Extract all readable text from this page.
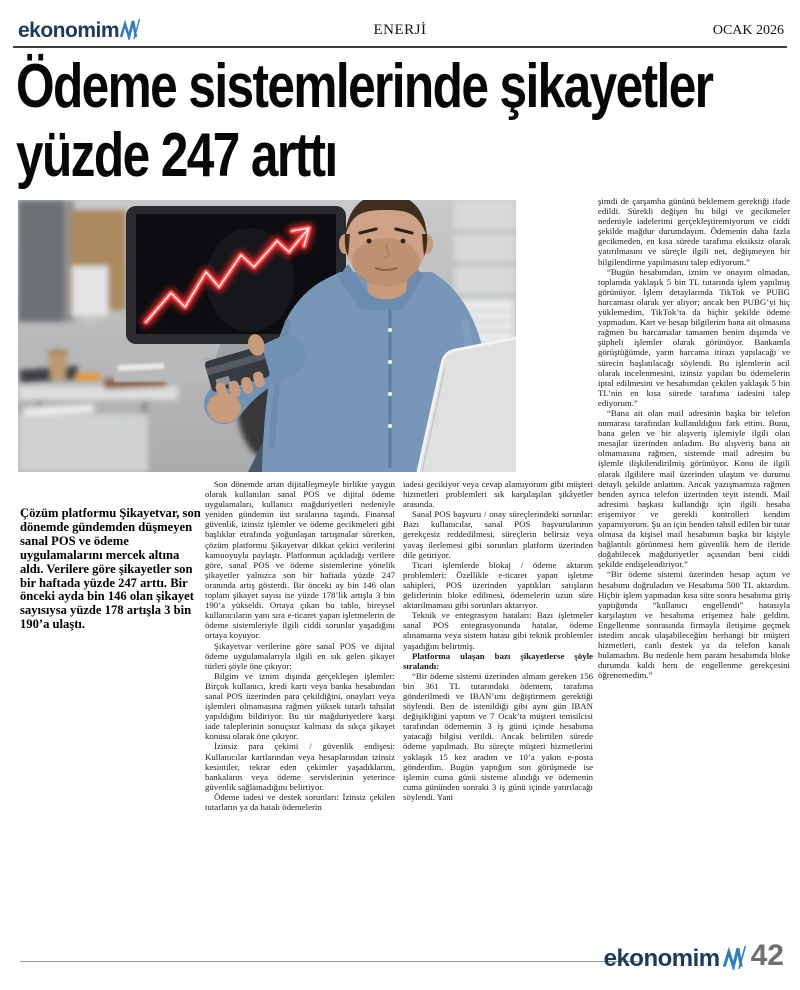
ekonomim	ENERJİ	OCAK 2026
Ödeme sistemlerinde şikayetler
yüzde 247 arttı
Çözüm platformu Şikayetvar, son dönemde gündemden düşmeyen sanal POS ve ödeme uygulamalarını mercek altına aldı. Verilere göre şikayetler son bir haftada yüzde 247 arttı. Bir önceki ayda bin 146 olan şikayet sayısıysa yüzde 178 artışla 3 bin 190’a ulaştı.

Son dönemde artan dijitalleşmeyle birlikte yaygın olarak kullanılan sanal POS ve dijital ödeme uygulamaları, kullanıcı mağduriyetleri nedeniyle yeniden gündemin üst sıralarına taşındı. Finansal güvenlik, izinsiz işlemler ve ödeme gecikmeleri gibi başlıklar etrafında yoğunlaşan tartışmalar sürerken, çözüm platformu Şikayetvar dikkat çekici verilerini kamuoyuyla paylaştı. Platformun açıkladığı verilere göre, sanal POS ve ödeme sistemlerine yönelik şikayetler yalnızca son bir haftada yüzde 247 oranında artış gösterdi. Bir önceki ay bin 146 olan toplam şikayet sayısı ise yüzde 178’lik artışla 3 bin 190’a yükseldi. Ortaya çıkan bu tablo, bireysel kullanıcıların yanı sıra e-ticaret yapan işletmelerin de ödeme sistemleriyle ilgili ciddi sorunlar yaşadığını ortaya koyuyor.

Şikayetvar verilerine göre sanal POS ve dijital ödeme uygulamalarıyla ilgili en sık gelen şikayet türleri şöyle öne çıkıyor:

Bilgim ve iznim dışında gerçekleşen işlemler: Birçok kullanıcı, kredi kartı veya banka hesabından sanal POS üzerinden para çekildiğini, onayları veya işlemleri olmamasına rağmen yüksek tutarlı tahsilat yapıldığını bildiriyor. Bu tür mağduriyetlere karşı iade taleplerinin sonuçsuz kalması da sıkça şikayet konusu olarak öne çıkıyor.

İzinsiz para çekimi / güvenlik endişesi: Kullanıcılar kartlarından veya hesaplarından izinsiz kesintiler, tekrar eden çekimler yaşadıklarını, bankaların veya ödeme servislerinin yeterince güvenlik sağlamadığını belirtiyor.

Ödeme iadesi ve destek sorunları: İzinsiz çekilen tutarların ya da hatalı ödemelerin

iadesi gecikiyor veya cevap alamıyorum gibi müşteri hizmetleri problemleri sık karşılaşılan şikâyetler arasında.

Sanal POS başvuru / onay süreçlerindeki sorunlar: Bazı kullanıcılar, sanal POS başvurularının gerekçesiz reddedilmesi, süreçlerin belirsiz veya yavaş ilerlemesi gibi sorunları platform üzerinden dile getiriyor.

Ticari işlemlerde blokaj / ödeme aktarım problemleri: Özellikle e-ticaret yapan işletme sahipleri, POS üzerinden yaptıkları satışların gelirlerinin bloke edilmesi, ödemelerin uzun süre aktarılmaması gibi sorunları aktarıyor.

Teknik ve entegrasyon hataları: Bazı işletmeler sanal POS entegrasyonunda hatalar, ödeme alınamama veya sistem hatası gibi teknik problemler yaşadığını belirtmiş.

Platforma ulaşan bazı şikayetlerse şöyle sıralandı:

“Bir ödeme sistemi üzerinden almam gereken 156 bin 361 TL tutarındaki ödemem, tarafıma gönderilmedi ve IBAN’ımı değiştirmem gerektiği söylendi. Ben de istenildiği gibi aynı gün IBAN değişikliğini yaptım ve 7 Ocak’ta müşteri temsilcisi tarafından ödememin 3 iş günü içinde hesabıma yatacağı bilgisi verildi. Ancak belirtilen sürede ödeme yapılmadı. Bu süreçte müşteri hizmetlerini yaklaşık 15 kez aradım ve 10’a yakın e-posta gönderdim. Bugün yaptığım son görüşmede ise işlemin cuma günü sisteme alındığı ve ödemenin cuma gününden sonraki 3 iş günü içinde yatırılacağı söylendi. Yani

şimdi de çarşamba gününü beklemem gerektiği ifade edildi. Sürekli değişen bu bilgi ve gecikmeler nedeniyle iadelerimi gerçekleştiremiyorum ve ciddi şekilde mağdur durumdayım. Ödemenin daha fazla gecikmeden, en kısa sürede tarafıma eksiksiz olarak yatırılmasını ve süreçle ilgili net, değişmeyen bir bilgilendirme yapılmasını talep ediyorum.”

“Bugün hesabımdan, iznim ve onayım olmadan, toplamda yaklaşık 5 bin TL tutarında işlem yapılmış görünüyor. İşlem detaylarında TikTok ve PUBG harcaması olarak yer alıyor; ancak ben PUBG’yi hiç yüklemedim, TikTok’ta da hiçbir şekilde ödeme yapmadım. Kart ve hesap bilgilerim bana ait olmasına rağmen bu harcamalar tamamen benim dışımda ve şüpheli işlemler olarak görünüyor. Bankamla görüştüğümde, yarın harcama itirazı yapılacağı ve sürecin başlatılacağı söylendi. Bu işlemlerin acil olarak incelenmesini, izinsiz yapılan bu ödemelerin iptal edilmesini ve hesabımdan çekilen yaklaşık 5 bin TL’nin en kısa sürede tarafıma iadesini talep ediyorum.”

“Bana ait olan mail adresinin başka bir telefon numarası tarafından kullanıldığını fark ettim. Bunu, bana gelen ve bir alışveriş işlemiyle ilgili olan mesajlar üzerinden anladım. Bu alışveriş bana ait olmamasına rağmen, sistemde mail adresim bu işlemle ilişkilendirilmiş görünüyor. Konu ile ilgili olarak ilgililere mail üzerinden ulaştım ve durumu detaylı şekilde anlattım. Ancak yazışmamıza rağmen benden ayrıca telefon üzerinden teyit istendi. Mail adresimi başkası kullandığı için ilgili hesaba erişemiyor ve gerekli kontrolleri kendim yapamıyorum. Şu an için benden tahsil edilen bir tutar olmasa da kişisel mail hesabımın başka bir kişiyle bağlantılı görünmesi hem güvenlik hem de ileride doğabilecek mağduriyetler açısından beni ciddi şekilde endişelendiriyor.”

“Bir ödeme sistemi üzerinden hesap açtım ve hesabımı doğruladım ve Hesabıma 500 TL aktardım. Hiçbir işlem yapmadan kısa süre sonra hesabıma giriş yaptığımda “kullanıcı engellendi” hatasıyla karşılaştım ve hesabıma erişemez hale geldim. Engellenme sonrasında firmayla iletişime geçmek istedim ancak ulaşabileceğim herhangi bir müşteri hizmetleri, canlı destek ya da telefon kanalı bulamadım. Bu nedenle hem param hesabımda bloke durumda kaldı hem de engellenme gerekçesini öğrenemedim.”

ekonomim 42
